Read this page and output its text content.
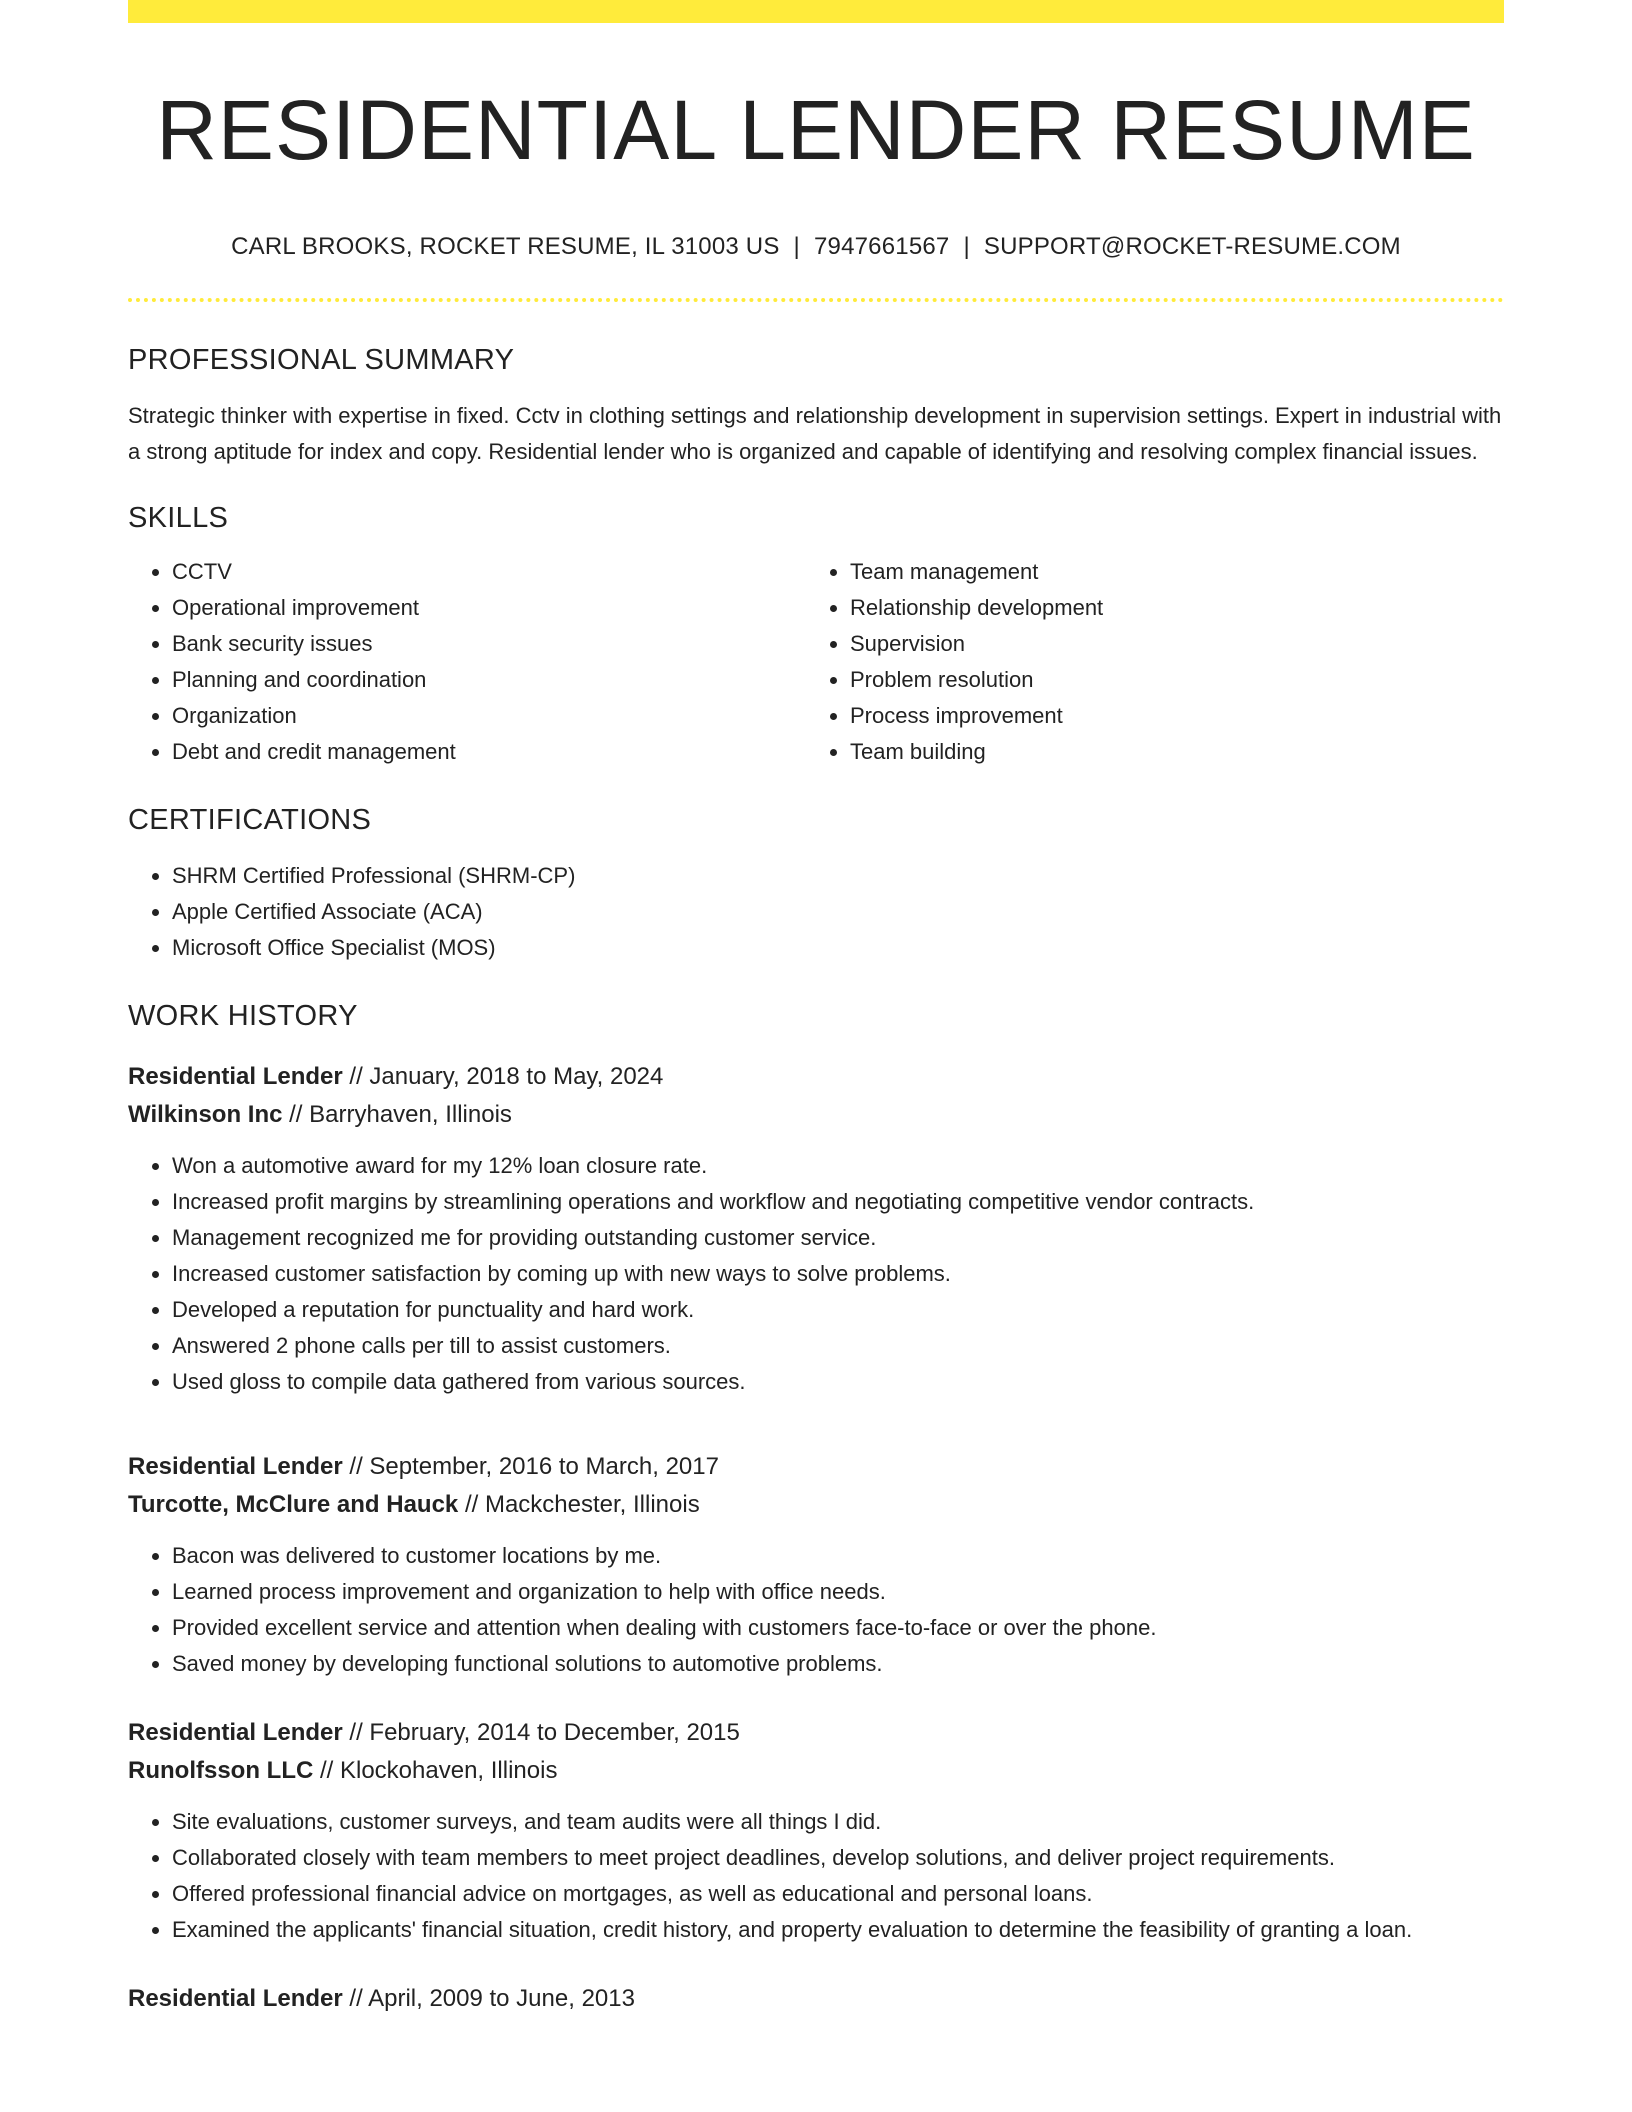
RESIDENTIAL LENDER RESUME
CARL BROOKS, ROCKET RESUME, IL 31003 US | 7947661567 | SUPPORT@ROCKET-RESUME.COM
PROFESSIONAL SUMMARY

Strategic thinker with expertise in fixed. Cctv in clothing settings and relationship development in supervision settings. Expert in industrial with a strong aptitude for index and copy. Residential lender who is organized and capable of identifying and resolving complex financial issues.

SKILLS
• CCTV
• Operational improvement
• Bank security issues
• Planning and coordination
• Organization
• Debt and credit management
• Team management
• Relationship development
• Supervision
• Problem resolution
• Process improvement
• Team building
CERTIFICATIONS
• SHRM Certified Professional (SHRM-CP)
• Apple Certified Associate (ACA)
• Microsoft Office Specialist (MOS)
WORK HISTORY
Residential Lender // January, 2018 to May, 2024
Wilkinson Inc // Barryhaven, Illinois
• Won a automotive award for my 12% loan closure rate.
• Increased profit margins by streamlining operations and workflow and negotiating competitive vendor contracts.
• Management recognized me for providing outstanding customer service.
• Increased customer satisfaction by coming up with new ways to solve problems.
• Developed a reputation for punctuality and hard work.
• Answered 2 phone calls per till to assist customers.
• Used gloss to compile data gathered from various sources.
Residential Lender // September, 2016 to March, 2017
Turcotte, McClure and Hauck // Mackchester, Illinois
• Bacon was delivered to customer locations by me.
• Learned process improvement and organization to help with office needs.
• Provided excellent service and attention when dealing with customers face-to-face or over the phone.
• Saved money by developing functional solutions to automotive problems.
Residential Lender // February, 2014 to December, 2015
Runolfsson LLC // Klockohaven, Illinois
• Site evaluations, customer surveys, and team audits were all things I did.
• Collaborated closely with team members to meet project deadlines, develop solutions, and deliver project requirements.
• Offered professional financial advice on mortgages, as well as educational and personal loans.
• Examined the applicants' financial situation, credit history, and property evaluation to determine the feasibility of granting a loan.
Residential Lender // April, 2009 to June, 2013
